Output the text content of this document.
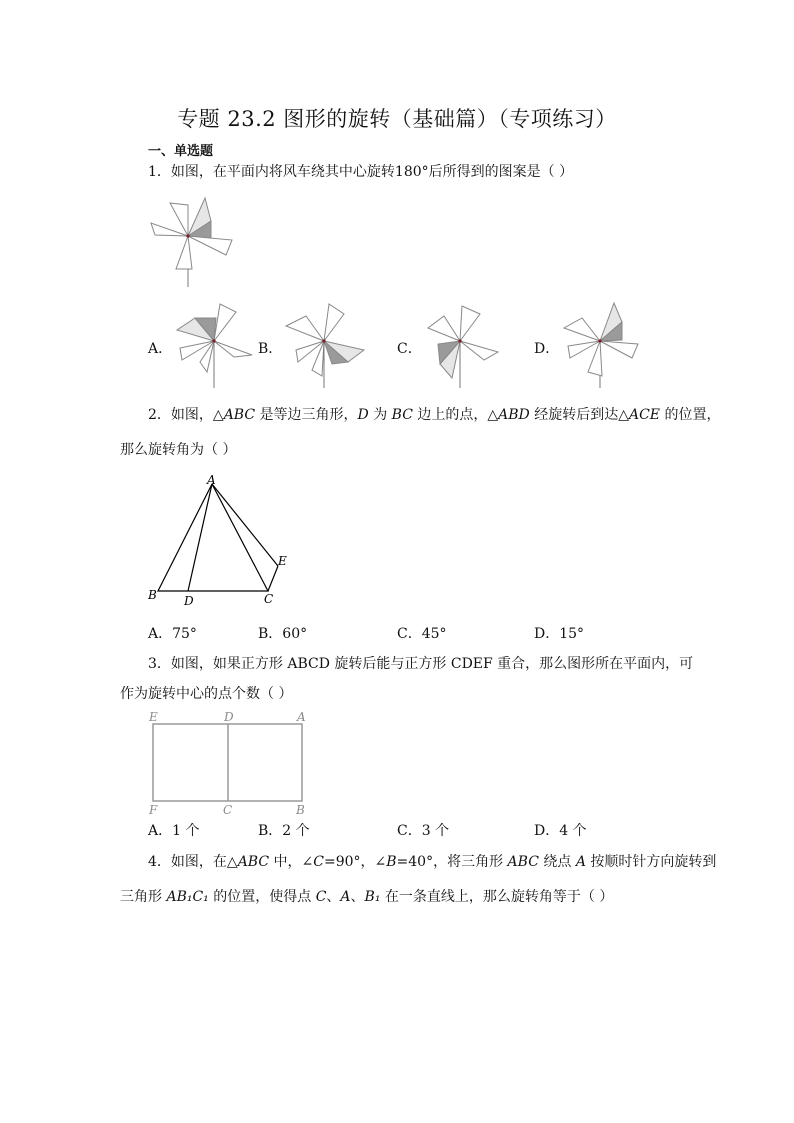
专题 23.2 图形的旋转（基础篇）（专项练习）
一、单选题
1．如图，在平面内将风车绕其中心旋转180°后所得到的图案是（ ）
A．	B．	C．	D．
2．如图，△ABC 是等边三角形，D 为 BC 边上的点，△ABD 经旋转后到达△ACE 的位置，
那么旋转角为（ ）
A
B	C
D
E
A．75°	B．60°	C．45°	D．15°
3．如图，如果正方形 ABCD 旋转后能与正方形 CDEF 重合，那么图形所在平面内，可
作为旋转中心的点个数（ ）
E	D	A
F	C	B
A．1 个	B．2 个	C．3 个	D．4 个
4．如图，在△ABC 中，∠C=90°，∠B=40°，将三角形 ABC 绕点 A 按顺时针方向旋转到
三角形 AB₁C₁ 的位置，使得点 C、A、B₁ 在一条直线上，那么旋转角等于（ ）
